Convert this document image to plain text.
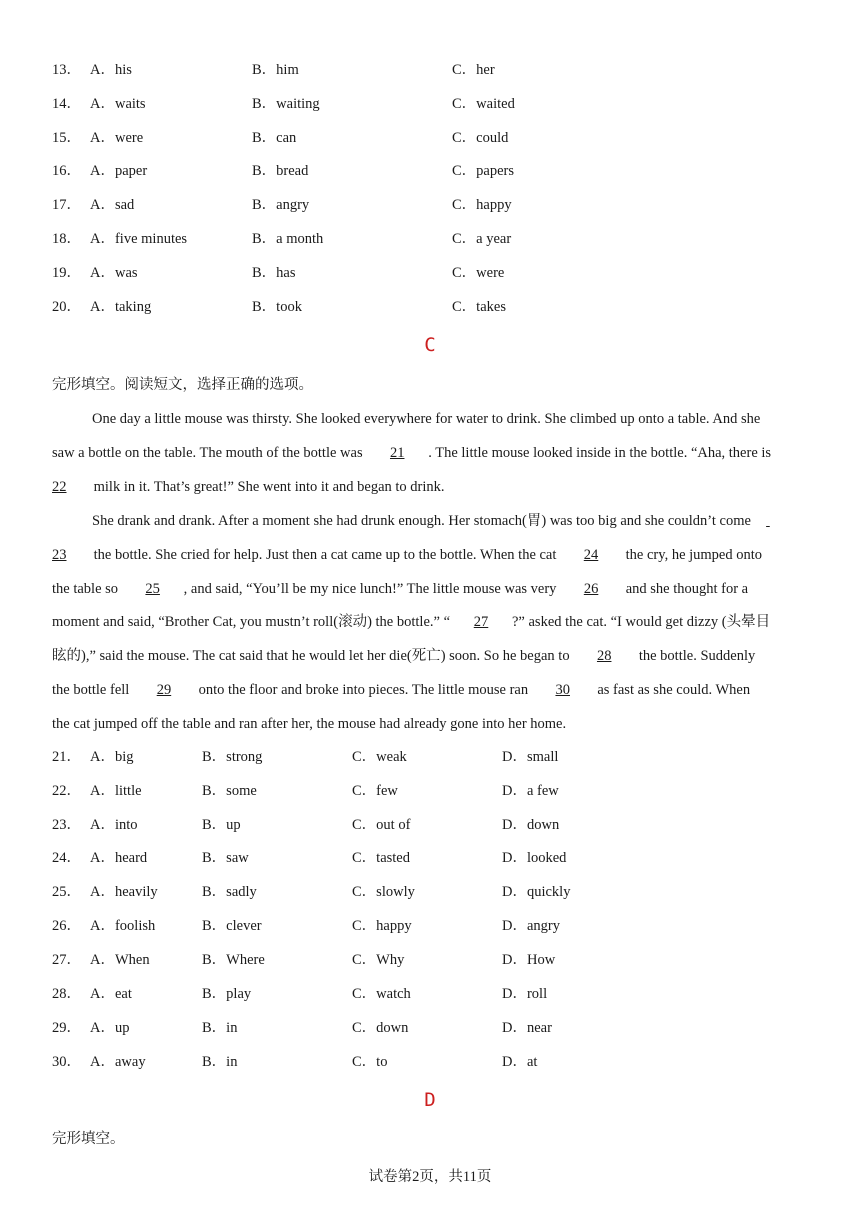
13． A．his	B．him	C．her
14． A．waits	B．waiting	C．waited
15． A．were	B．can	C．could
16． A．paper	B．bread	C．papers
17． A．sad	B．angry	C．happy
18． A．five minutes	B．a month	C．a year
19． A．was	B．has	C．were
20． A．taking	B．took	C．takes
C
完形填空。阅读短文，选择正确的选项。
One day a little mouse was thirsty. She looked everywhere for water to drink. She climbed up onto a table. And she
saw a bottle on the table. The mouth of the bottle was 21 . The little mouse looked inside in the bottle. “Aha, there is
22 milk in it. That’s great!” She went into it and began to drink.
She drank and drank. After a moment she had drunk enough. Her stomach(胃) was too big and she couldn’t come
23 the bottle. She cried for help. Just then a cat came up to the bottle. When the cat 24 the cry, he jumped onto
the table so 25 , and said, “You’ll be my nice lunch!” The little mouse was very 26 and she thought for a
moment and said, “Brother Cat, you mustn’t roll(滚动) the bottle.” “ 27 ?” asked the cat. “I would get dizzy (头晕目
眩的),” said the mouse. The cat said that he would let her die(死亡) soon. So he began to 28 the bottle. Suddenly
the bottle fell 29 onto the floor and broke into pieces. The little mouse ran 30 as fast as she could. When
the cat jumped off the table and ran after her, the mouse had already gone into her home.
21． A．big	B．strong	C．weak	D．small
22． A．little	B．some	C．few	D．a few
23． A．into	B．up	C．out of	D．down
24． A．heard	B．saw	C．tasted	D．looked
25． A．heavily	B．sadly	C．slowly	D．quickly
26． A．foolish	B．clever	C．happy	D．angry
27． A．When	B．Where	C．Why	D．How
28． A．eat	B．play	C．watch	D．roll
29． A．up	B．in	C．down	D．near
30． A．away	B．in	C．to	D．at
D
完形填空。
试卷第2页，共11页
